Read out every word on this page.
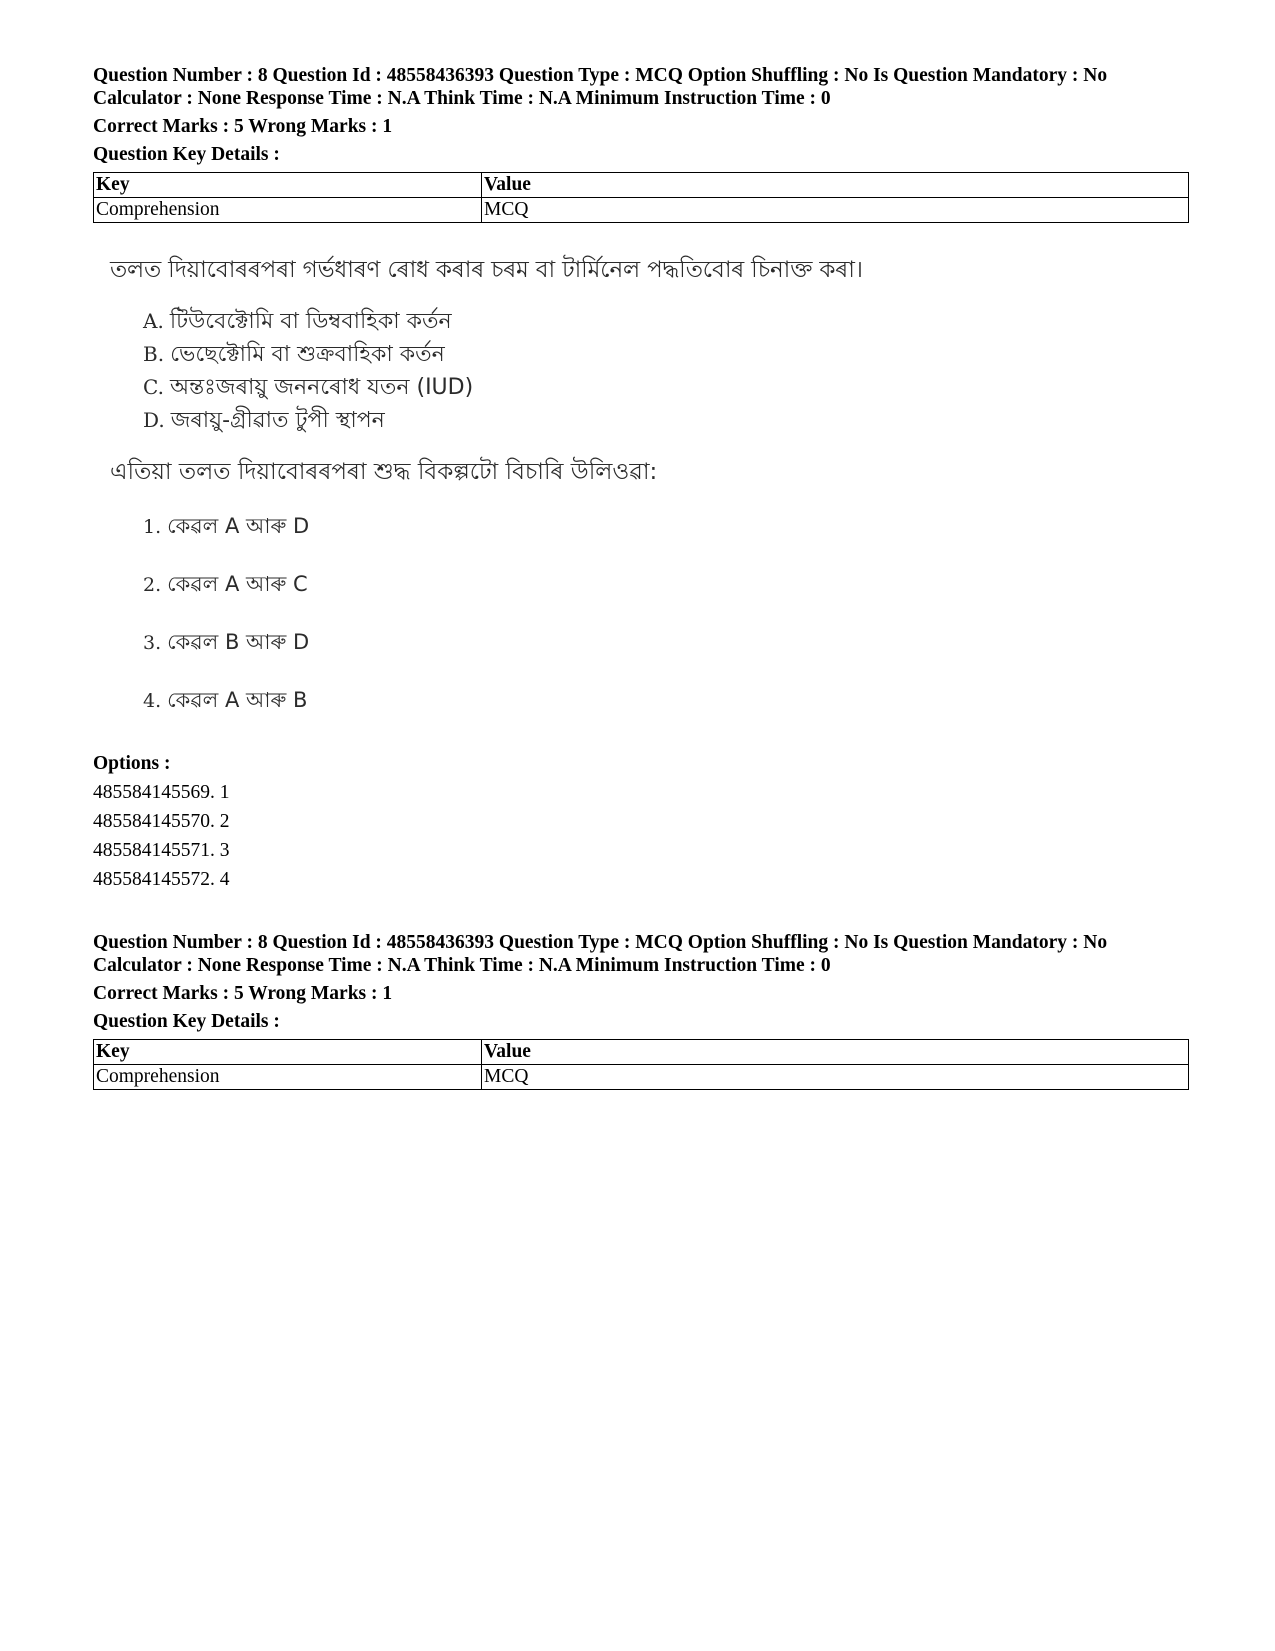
Question Number : 8 Question Id : 48558436393 Question Type : MCQ Option Shuffling : No Is Question Mandatory : No

Calculator : None Response Time : N.A Think Time : N.A Minimum Instruction Time : 0

Correct Marks : 5 Wrong Marks : 1

Question Key Details :

Key	Value
Comprehension	MCQ

তলত দিয়াবোৰৰপৰা গৰ্ভধাৰণ ৰোধ কৰাৰ চৰম বা টাৰ্মিনেল পদ্ধতিবোৰ চিনাক্ত কৰা।

A. টিউবেক্টোমি বা ডিম্ববাহিকা কৰ্তন
B. ভেছেক্টোমি বা শুক্ৰবাহিকা কৰ্তন
C. অন্তঃজৰায়ু জননৰোধ যতন (IUD)
D. জৰায়ু-গ্ৰীৱাত টুপী স্থাপন

এতিয়া তলত দিয়াবোৰৰপৰা শুদ্ধ বিকল্পটো বিচাৰি উলিওৱা:

1. কেৱল A আৰু D
2. কেৱল A আৰু C
3. কেৱল B আৰু D
4. কেৱল A আৰু B
Options :
485584145569. 1
485584145570. 2
485584145571. 3
485584145572. 4

Question Number : 8 Question Id : 48558436393 Question Type : MCQ Option Shuffling : No Is Question Mandatory : No

Calculator : None Response Time : N.A Think Time : N.A Minimum Instruction Time : 0

Correct Marks : 5 Wrong Marks : 1

Question Key Details :

Key	Value
Comprehension	MCQ
